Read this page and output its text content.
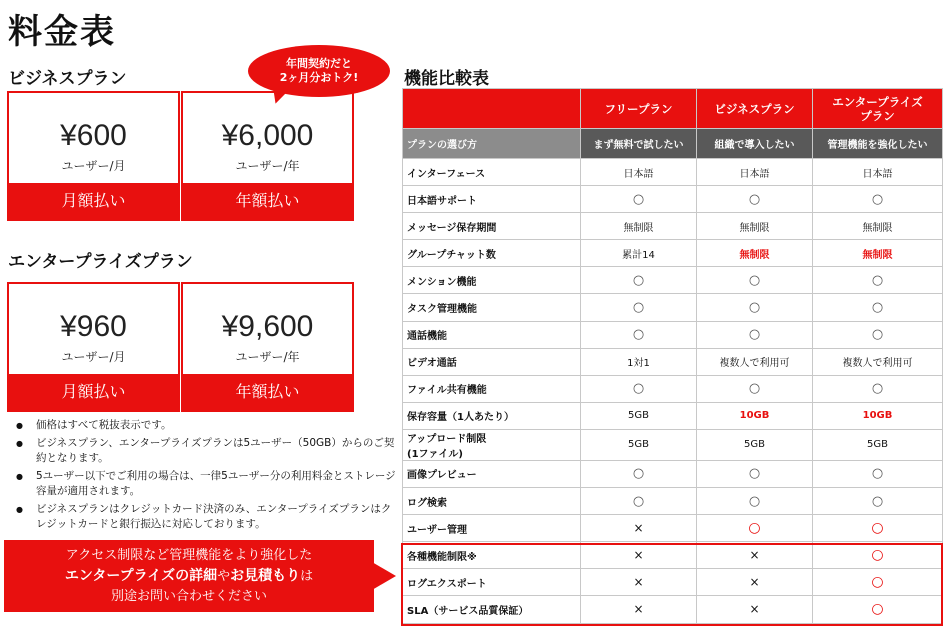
料金表
ビジネスプラン
¥600
ユーザー/月
月額払い
¥6,000
ユーザー/年
年額払い
年間契約だと
2ヶ月分おトク!
エンタープライズプラン
¥960
ユーザー/月
月額払い
¥9,600
ユーザー/年
年額払い
● 価格はすべて税抜表示です。
● ビジネスプラン、エンタープライズプランは5ユーザー（50GB）からのご契約となります。
● 5ユーザー以下でご利用の場合は、一律5ユーザー分の利用料金とストレージ容量が適用されます。
● ビジネスプランはクレジットカード決済のみ、エンタープライズプランはクレジットカードと銀行振込に対応しております。
アクセス制限など管理機能をより強化した
エンタープライズの詳細やお見積もりは
別途お問い合わせください
機能比較表
	フリープラン	ビジネスプラン	エンタープライズ
プラン
プランの選び方	まず無料で試したい	組織で導入したい	管理機能を強化したい
インターフェース	日本語	日本語	日本語
日本語サポート	○	○	○
メッセージ保存期間	無制限	無制限	無制限
グループチャット数	累計14	無制限	無制限
メンション機能	○	○	○
タスク管理機能	○	○	○
通話機能	○	○	○
ビデオ通話	1対1	複数人で利用可	複数人で利用可
ファイル共有機能	○	○	○
保存容量（1人あたり）	5GB	10GB	10GB
アップロード制限
(1ファイル)	5GB	5GB	5GB
画像プレビュー	○	○	○
ログ検索	○	○	○
ユーザー管理	×	○	○
各種機能制限※	×	×	○
ログエクスポート	×	×	○
SLA（サービス品質保証）	×	×	○
